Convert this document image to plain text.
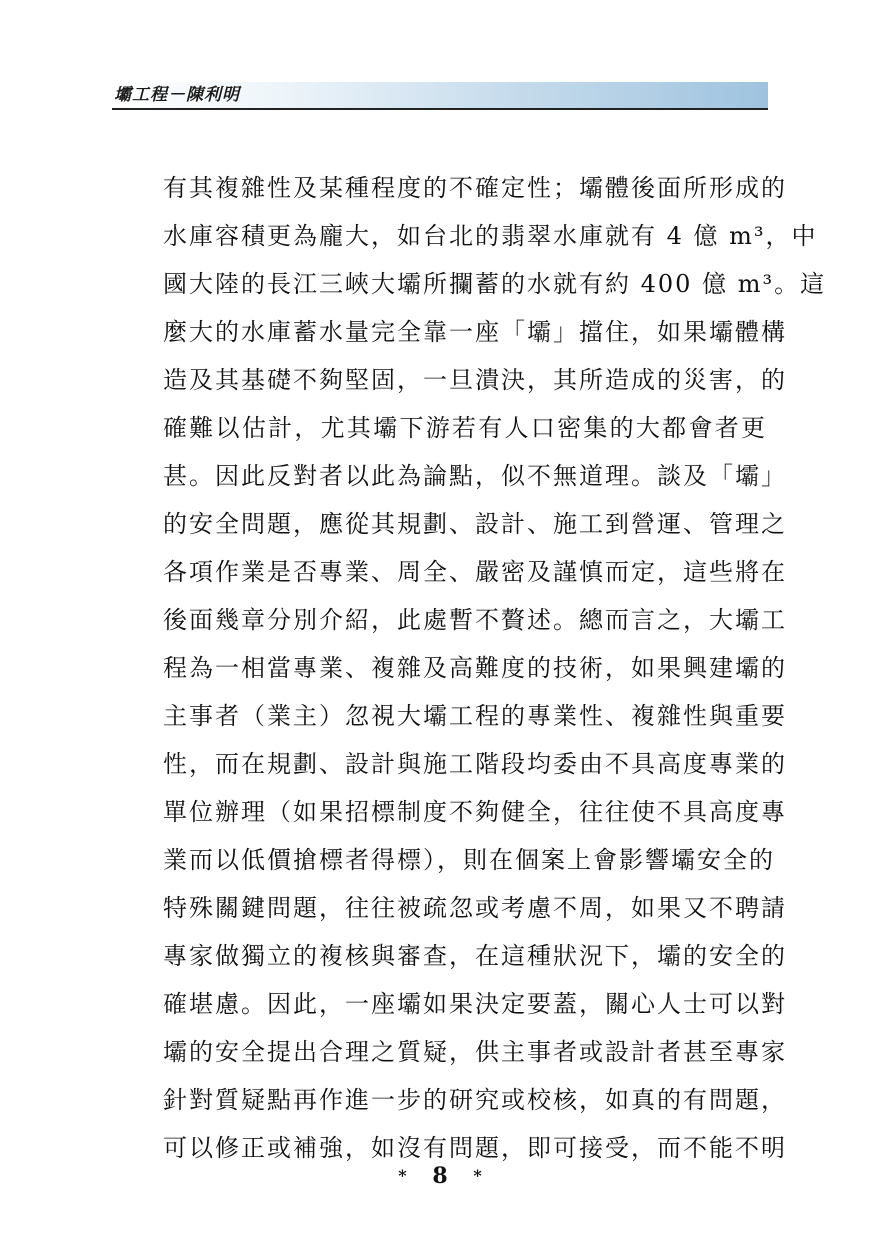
壩工程－陳利明
有其複雜性及某種程度的不確定性；壩體後面所形成的
水庫容積更為龐大，如台北的翡翠水庫就有 4 億 m³，中
國大陸的長江三峽大壩所攔蓄的水就有約 400 億 m³。這
麼大的水庫蓄水量完全靠一座「壩」擋住，如果壩體構
造及其基礎不夠堅固，一旦潰決，其所造成的災害，的
確難以估計，尤其壩下游若有人口密集的大都會者更
甚。因此反對者以此為論點，似不無道理。談及「壩」
的安全問題，應從其規劃、設計、施工到營運、管理之
各項作業是否專業、周全、嚴密及謹慎而定，這些將在
後面幾章分別介紹，此處暫不贅述。總而言之，大壩工
程為一相當專業、複雜及高難度的技術，如果興建壩的
主事者（業主）忽視大壩工程的專業性、複雜性與重要
性，而在規劃、設計與施工階段均委由不具高度專業的
單位辦理（如果招標制度不夠健全，往往使不具高度專
業而以低價搶標者得標），則在個案上會影響壩安全的
特殊關鍵問題，往往被疏忽或考慮不周，如果又不聘請
專家做獨立的複核與審查，在這種狀況下，壩的安全的
確堪慮。因此，一座壩如果決定要蓋，關心人士可以對
壩的安全提出合理之質疑，供主事者或設計者甚至專家
針對質疑點再作進一步的研究或校核，如真的有問題，
可以修正或補強，如沒有問題，即可接受，而不能不明
* 8 *
